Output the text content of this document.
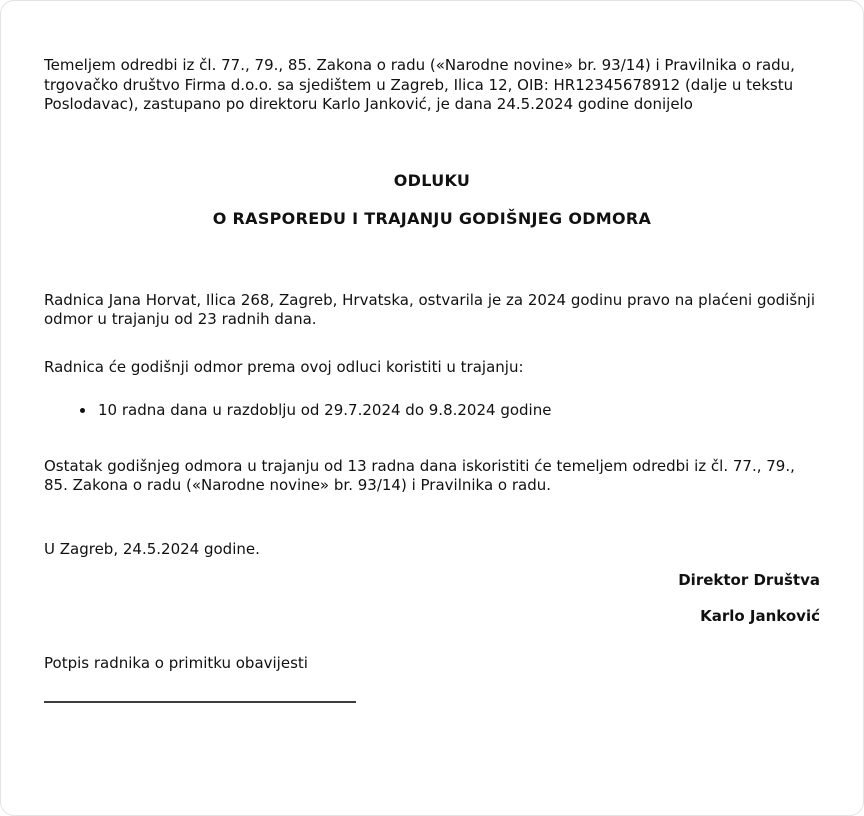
Temeljem odredbi iz čl. 77., 79., 85. Zakona o radu («Narodne novine» br. 93/14) i Pravilnika o radu, trgovačko društvo Firma d.o.o. sa sjedištem u Zagreb, Ilica 12, OIB: HR12345678912 (dalje u tekstu Poslodavac), zastupano po direktoru Karlo Janković, je dana 24.5.2024 godine donijelo

ODLUKU
O RASPOREDU I TRAJANJU GODIŠNJEG ODMORA

Radnica Jana Horvat, Ilica 268, Zagreb, Hrvatska, ostvarila je za 2024 godinu pravo na plaćeni godišnji odmor u trajanju od 23 radnih dana.

Radnica će godišnji odmor prema ovoj odluci koristiti u trajanju:

• 10 radna dana u razdoblju od 29.7.2024 do 9.8.2024 godine

Ostatak godišnjeg odmora u trajanju od 13 radna dana iskoristiti će temeljem odredbi iz čl. 77., 79., 85. Zakona o radu («Narodne novine» br. 93/14) i Pravilnika o radu.

U Zagreb, 24.5.2024 godine.

Direktor Društva

Karlo Janković

Potpis radnika o primitku obavijesti
